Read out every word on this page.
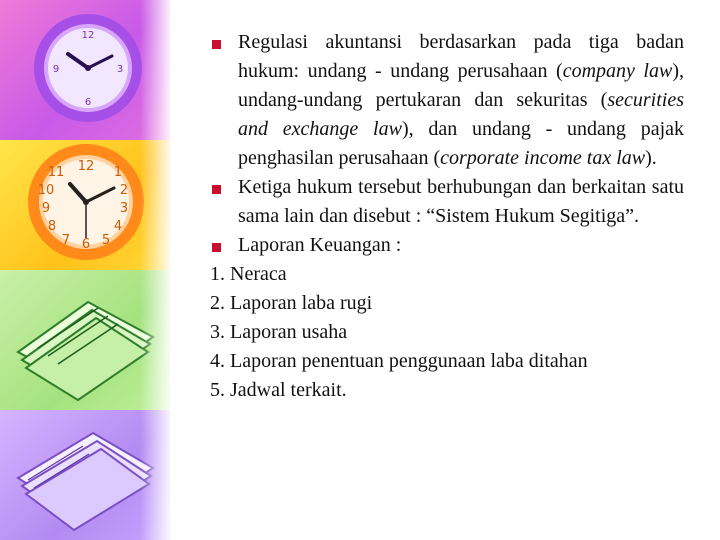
12
3
6
9
12 1
2
3
4
5
6
7
8
9
10
11
Regulasi akuntansi berdasarkan pada tiga badan hukum: undang - undang perusahaan (company law), undang-undang pertukaran dan sekuritas (securities and exchange law), dan undang - undang pajak penghasilan perusahaan (corporate income tax law).
Ketiga hukum tersebut berhubungan dan berkaitan satu sama lain dan disebut : “Sistem Hukum Segitiga”.
Laporan Keuangan :
1. Neraca
2. Laporan laba rugi
3. Laporan usaha
4. Laporan penentuan penggunaan laba ditahan
5. Jadwal terkait.
